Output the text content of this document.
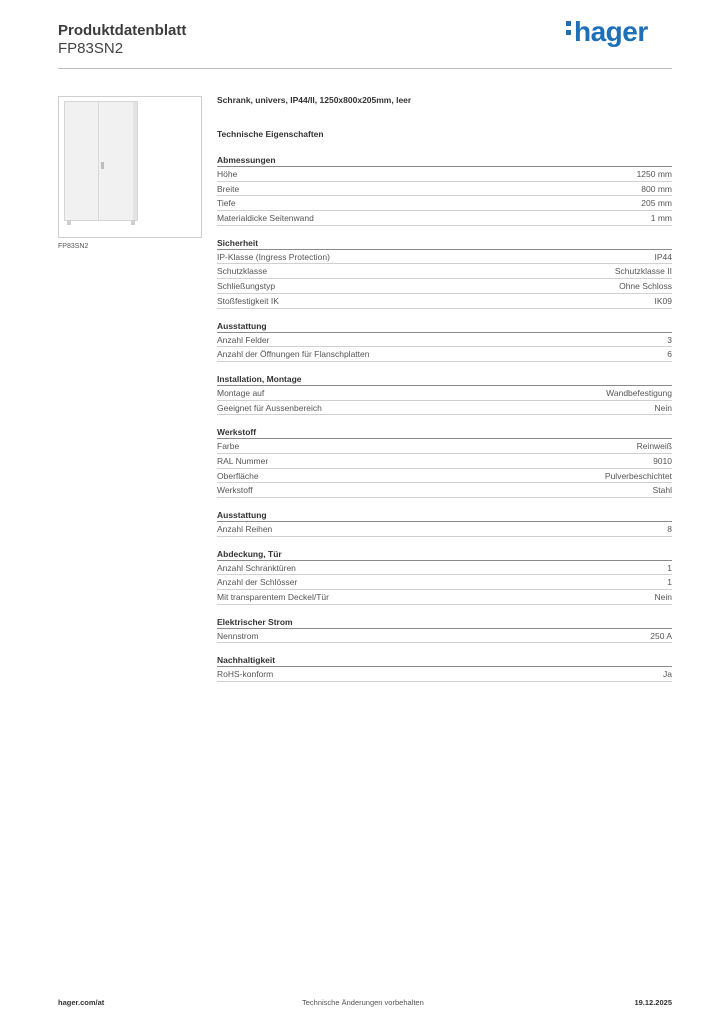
Produktdatenblatt
FP83SN2
hager
FP83SN2
Schrank, univers, IP44/II, 1250x800x205mm, leer
Technische Eigenschaften
Abmessungen
Höhe	1250 mm
Breite	800 mm
Tiefe	205 mm
Materialdicke Seitenwand	1 mm
Sicherheit
IP-Klasse (Ingress Protection)	IP44
Schutzklasse	Schutzklasse II
Schließungstyp	Ohne Schloss
Stoßfestigkeit IK	IK09
Ausstattung
Anzahl Felder	3
Anzahl der Öffnungen für Flanschplatten	6
Installation, Montage
Montage auf	Wandbefestigung
Geeignet für Aussenbereich	Nein
Werkstoff
Farbe	Reinweiß
RAL Nummer	9010
Oberfläche	Pulverbeschichtet
Werkstoff	Stahl
Ausstattung
Anzahl Reihen	8
Abdeckung, Tür
Anzahl Schranktüren	1
Anzahl der Schlösser	1
Mit transparentem Deckel/Tür	Nein
Elektrischer Strom
Nennstrom	250 A
Nachhaltigkeit
RoHS-konform	Ja
hager.com/at	Technische Änderungen vorbehalten	19.12.2025
